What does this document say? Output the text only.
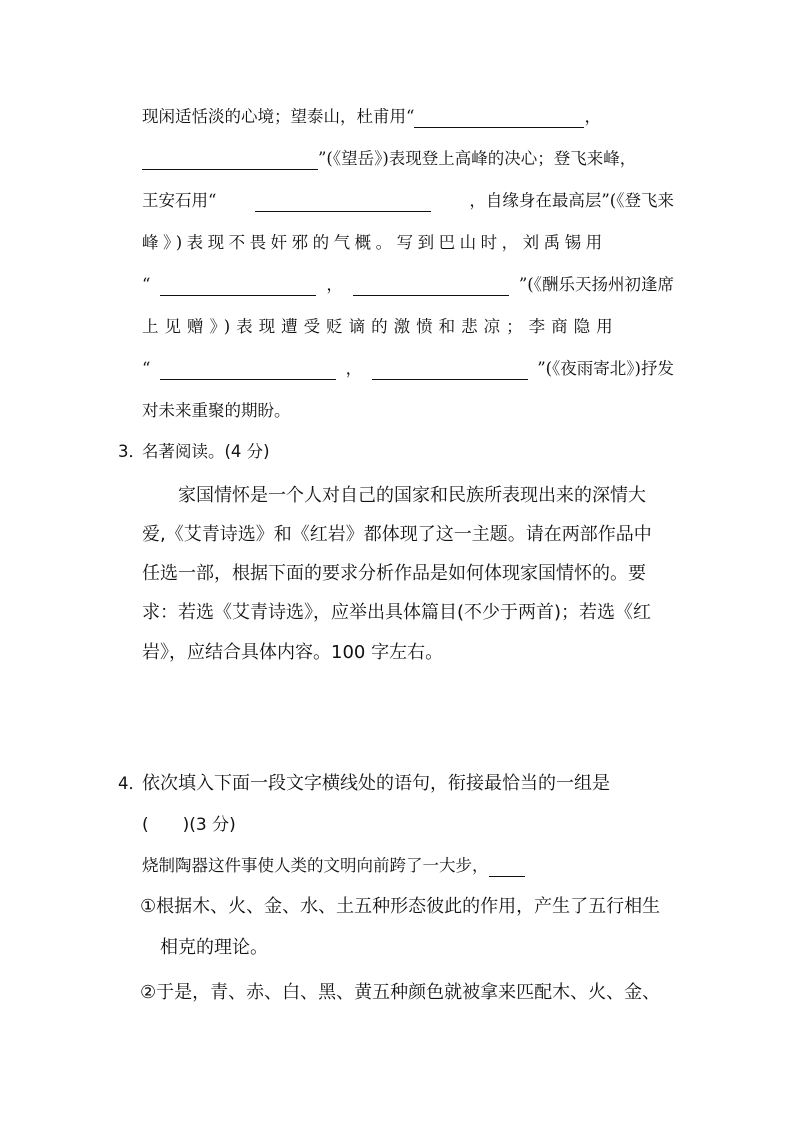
现闲适恬淡的心境；望泰山，杜甫用“	，
”(《望岳》)表现登上高峰的决心；登飞来峰，
王安石用“	，自缘身在最高层”(《登飞来
峰》)表现不畏奸邪的气概。写到巴山时，刘禹锡用
“	，	”(《酬乐天扬州初逢席
上见赠》)表现遭受贬谪的激愤和悲凉；李商隐用
“	，	”(《夜雨寄北》)抒发
对未来重聚的期盼。
3．
名著阅读。(4 分)
家国情怀是一个人对自己的国家和民族所表现出来的深情大
爱,《艾青诗选》和《红岩》都体现了这一主题。请在两部作品中
任选一部，根据下面的要求分析作品是如何体现家国情怀的。要
求：若选《艾青诗选》，应举出具体篇目(不少于两首)；若选《红
岩》，应结合具体内容。100 字左右。
4．
依次填入下面一段文字横线处的语句，衔接最恰当的一组是
(　　)(3 分)
烧制陶器这件事使人类的文明向前跨了一大步，
①根据木、火、金、水、土五种形态彼此的作用，产生了五行相生
相克的理论。
②于是，青、赤、白、黑、黄五种颜色就被拿来匹配木、火、金、
